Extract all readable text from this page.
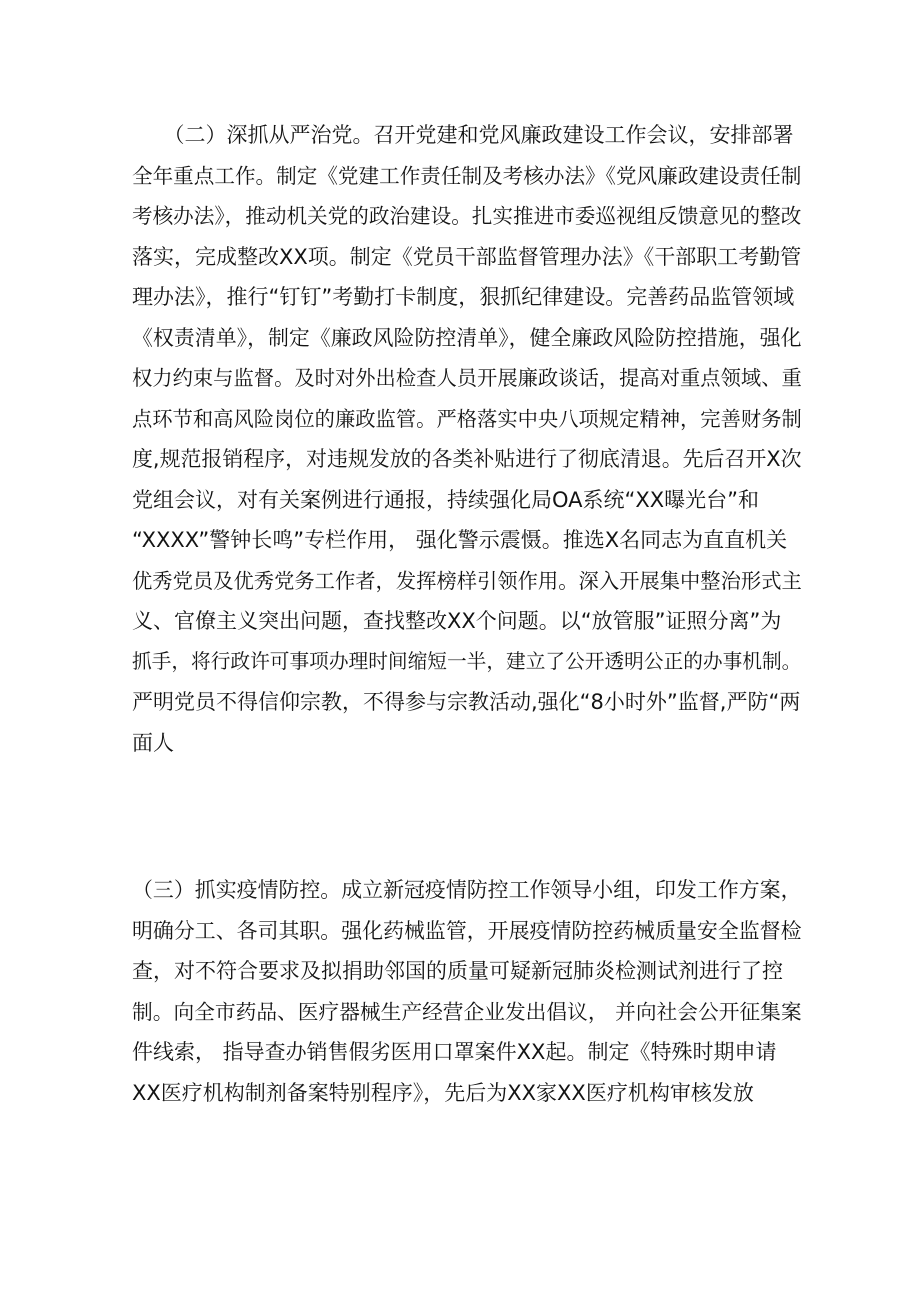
　　（二）深抓从严治党。召开党建和党风廉政建设工作会议，安排部署
全年重点工作。制定《党建工作责任制及考核办法》《党风廉政建设责任制
考核办法》，推动机关党的政治建设。扎实推进市委巡视组反馈意见的整改
落实，完成整改XX项。制定《党员干部监督管理办法》《干部职工考勤管
理办法》，推行“钉钉”考勤打卡制度，狠抓纪律建设。完善药品监管领域
《权责清单》，制定《廉政风险防控清单》，健全廉政风险防控措施，强化
权力约束与监督。及时对外出检查人员开展廉政谈话，提高对重点领域、重
点环节和高风险岗位的廉政监管。严格落实中央八项规定精神，完善财务制
度,规范报销程序，对违规发放的各类补贴进行了彻底清退。先后召开X次
党组会议，对有关案例进行通报，持续强化局OA系统“XX曝光台”和
“XXXX”警钟长鸣”专栏作用， 强化警示震慑。推选X名同志为直直机关
优秀党员及优秀党务工作者，发挥榜样引领作用。深入开展集中整治形式主
义、官僚主义突出问题，查找整改XX个问题。以“放管服”证照分离”为
抓手，将行政许可事项办理时间缩短一半，建立了公开透明公正的办事机制。
严明党员不得信仰宗教，不得参与宗教活动,强化“8小时外”监督,严防“两
面人
（三）抓实疫情防控。成立新冠疫情防控工作领导小组，印发工作方案，
明确分工、各司其职。强化药械监管，开展疫情防控药械质量安全监督检
查，对不符合要求及拟捐助邻国的质量可疑新冠肺炎检测试剂进行了控
制。向全市药品、医疗器械生产经营企业发出倡议， 并向社会公开征集案
件线索， 指导查办销售假劣医用口罩案件XX起。制定《特殊时期申请
XX医疗机构制剂备案特别程序》，先后为XX家XX医疗机构审核发放
